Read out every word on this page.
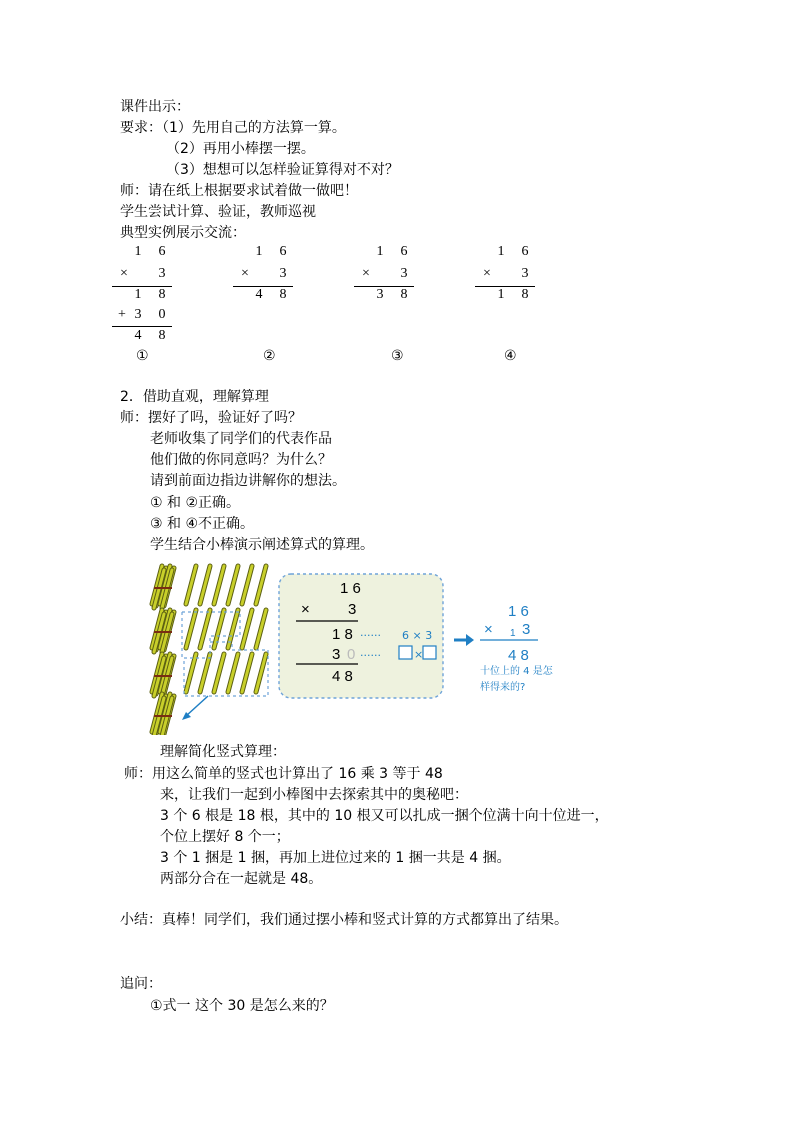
课件出示：
要求：（1）先用自己的方法算一算。
（2）再用小棒摆一摆。
（3）想想可以怎样验证算得对不对？
师：请在纸上根据要求试着做一做吧！
学生尝试计算、验证，教师巡视
典型实例展示交流：
1	6
×	3
1	8
+ 3	0
4	8
①
1	6
×	3
4	8
②
1	6
×	3
3	8
③
1	6
×	3
1	8
④
2．借助直观，理解算理
师：摆好了吗，验证好了吗？
老师收集了同学们的代表作品
他们做的你同意吗？为什么？
请到前面边指边讲解你的想法。
① 和 ②正确。
③ 和 ④不正确。
学生结合小棒演示阐述算式的算理。
1 6
×	3
1 8
3 0
4 8
······ 6 × 3
······	×
1 6
× 1 3
4 8
十位上的 4 是怎
样得来的?
理解简化竖式算理：
师：用这么简单的竖式也计算出了 16 乘 3 等于 48
来，让我们一起到小棒图中去探索其中的奥秘吧：
3 个 6 根是 18 根，其中的 10 根又可以扎成一捆个位满十向十位进一，
个位上摆好 8 个一；
3 个 1 捆是 1 捆，再加上进位过来的 1 捆一共是 4 捆。
两部分合在一起就是 48。
小结：真棒！同学们，我们通过摆小棒和竖式计算的方式都算出了结果。
追问：
①式一 这个 30 是怎么来的？
